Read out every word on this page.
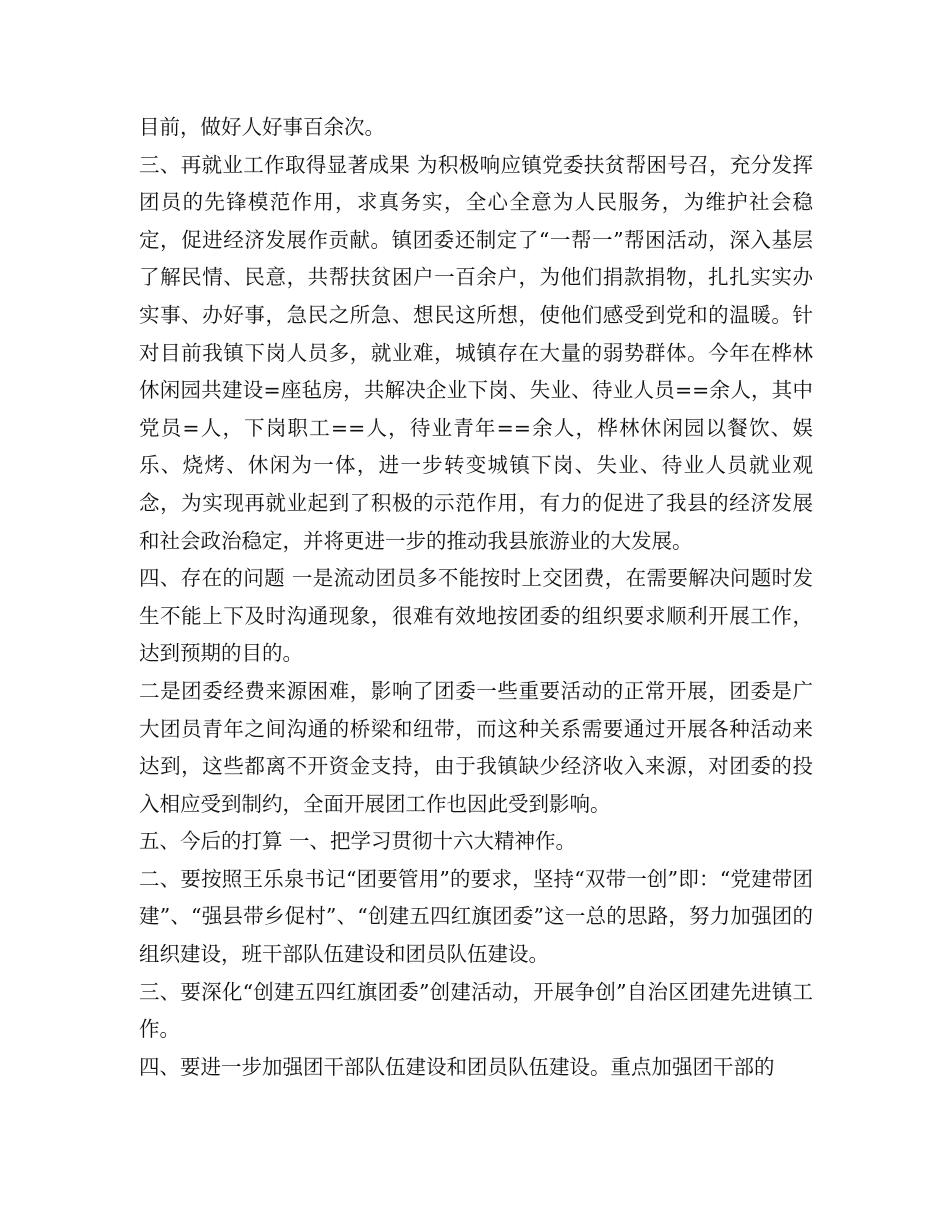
目前，做好人好事百余次。

三、再就业工作取得显著成果 为积极响应镇党委扶贫帮困号召，充分发挥团员的先锋模范作用，求真务实，全心全意为人民服务，为维护社会稳定，促进经济发展作贡献。镇团委还制定了“一帮一”帮困活动，深入基层了解民情、民意，共帮扶贫困户一百余户，为他们捐款捐物，扎扎实实办实事、办好事，急民之所急、想民这所想，使他们感受到党和的温暖。针对目前我镇下岗人员多，就业难，城镇存在大量的弱势群体。今年在桦林休闲园共建设=座毡房，共解决企业下岗、失业、待业人员==余人，其中党员=人，下岗职工==人，待业青年==余人，桦林休闲园以餐饮、娱乐、烧烤、休闲为一体，进一步转变城镇下岗、失业、待业人员就业观念，为实现再就业起到了积极的示范作用，有力的促进了我县的经济发展和社会政治稳定，并将更进一步的推动我县旅游业的大发展。

四、存在的问题 一是流动团员多不能按时上交团费，在需要解决问题时发生不能上下及时沟通现象，很难有效地按团委的组织要求顺利开展工作，达到预期的目的。

二是团委经费来源困难，影响了团委一些重要活动的正常开展，团委是广大团员青年之间沟通的桥梁和纽带，而这种关系需要通过开展各种活动来达到，这些都离不开资金支持，由于我镇缺少经济收入来源，对团委的投入相应受到制约，全面开展团工作也因此受到影响。

五、今后的打算 一、把学习贯彻十六大精神作。

二、要按照王乐泉书记“团要管用”的要求，坚持“双带一创”即：“党建带团建”、“强县带乡促村”、“创建五四红旗团委”这一总的思路，努力加强团的组织建设，班干部队伍建设和团员队伍建设。

三、要深化“创建五四红旗团委”创建活动，开展争创”自治区团建先进镇工作。

四、要进一步加强团干部队伍建设和团员队伍建设。重点加强团干部的
